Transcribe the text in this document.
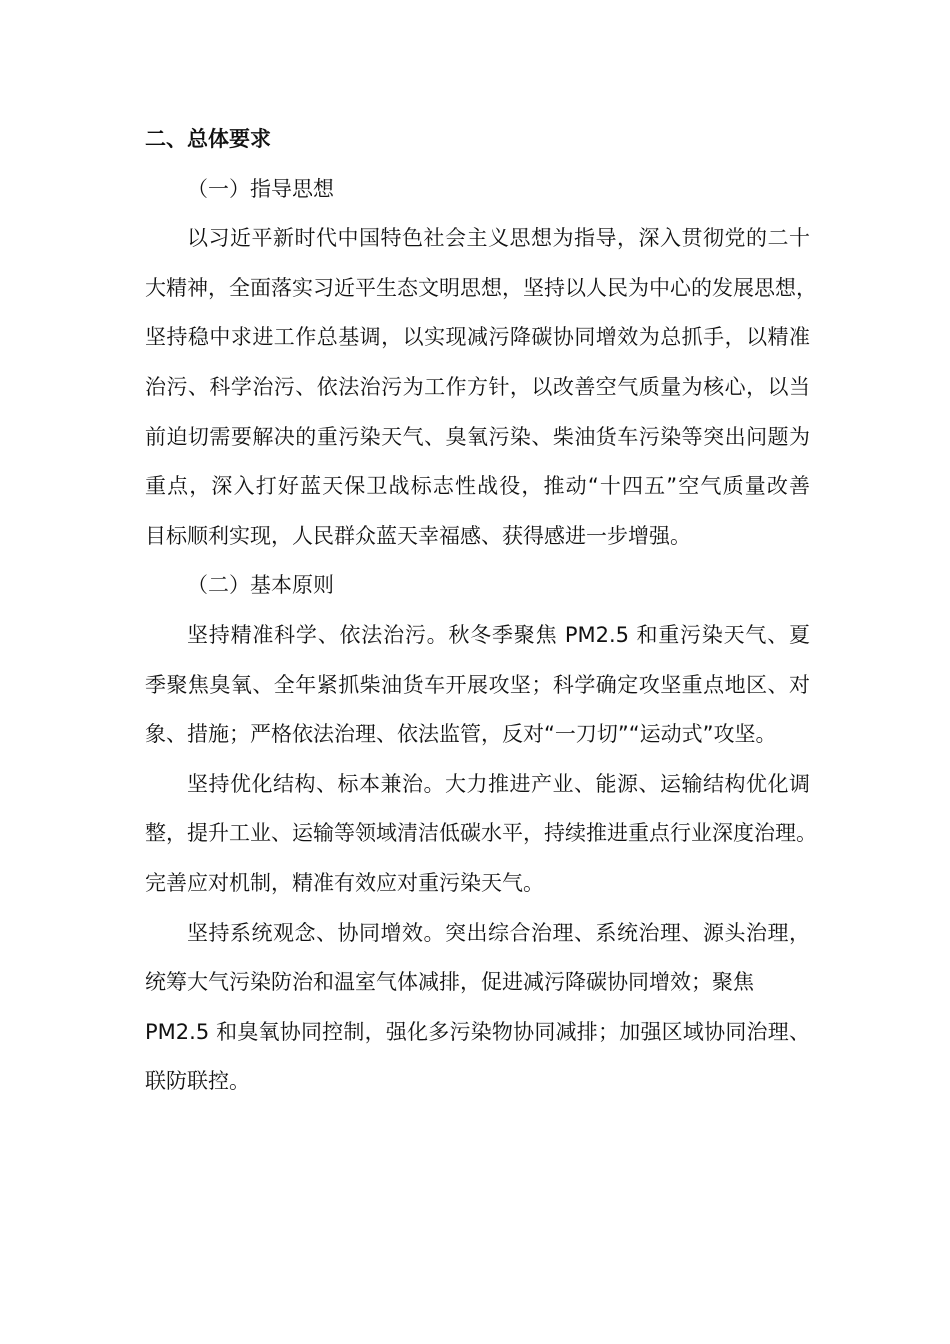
二、总体要求

（一）指导思想

以习近平新时代中国特色社会主义思想为指导，深入贯彻党的二十

大精神，全面落实习近平生态文明思想，坚持以人民为中心的发展思想，

坚持稳中求进工作总基调，以实现减污降碳协同增效为总抓手，以精准

治污、科学治污、依法治污为工作方针，以改善空气质量为核心，以当

前迫切需要解决的重污染天气、臭氧污染、柴油货车污染等突出问题为

重点，深入打好蓝天保卫战标志性战役，推动“十四五”空气质量改善

目标顺利实现，人民群众蓝天幸福感、获得感进一步增强。

（二）基本原则

坚持精准科学、依法治污。秋冬季聚焦 PM2.5 和重污染天气、夏

季聚焦臭氧、全年紧抓柴油货车开展攻坚；科学确定攻坚重点地区、对

象、措施；严格依法治理、依法监管，反对“一刀切”“运动式”攻坚。

坚持优化结构、标本兼治。大力推进产业、能源、运输结构优化调

整，提升工业、运输等领域清洁低碳水平，持续推进重点行业深度治理。

完善应对机制，精准有效应对重污染天气。

坚持系统观念、协同增效。突出综合治理、系统治理、源头治理，

统筹大气污染防治和温室气体减排，促进减污降碳协同增效；聚焦

PM2.5 和臭氧协同控制，强化多污染物协同减排；加强区域协同治理、

联防联控。
